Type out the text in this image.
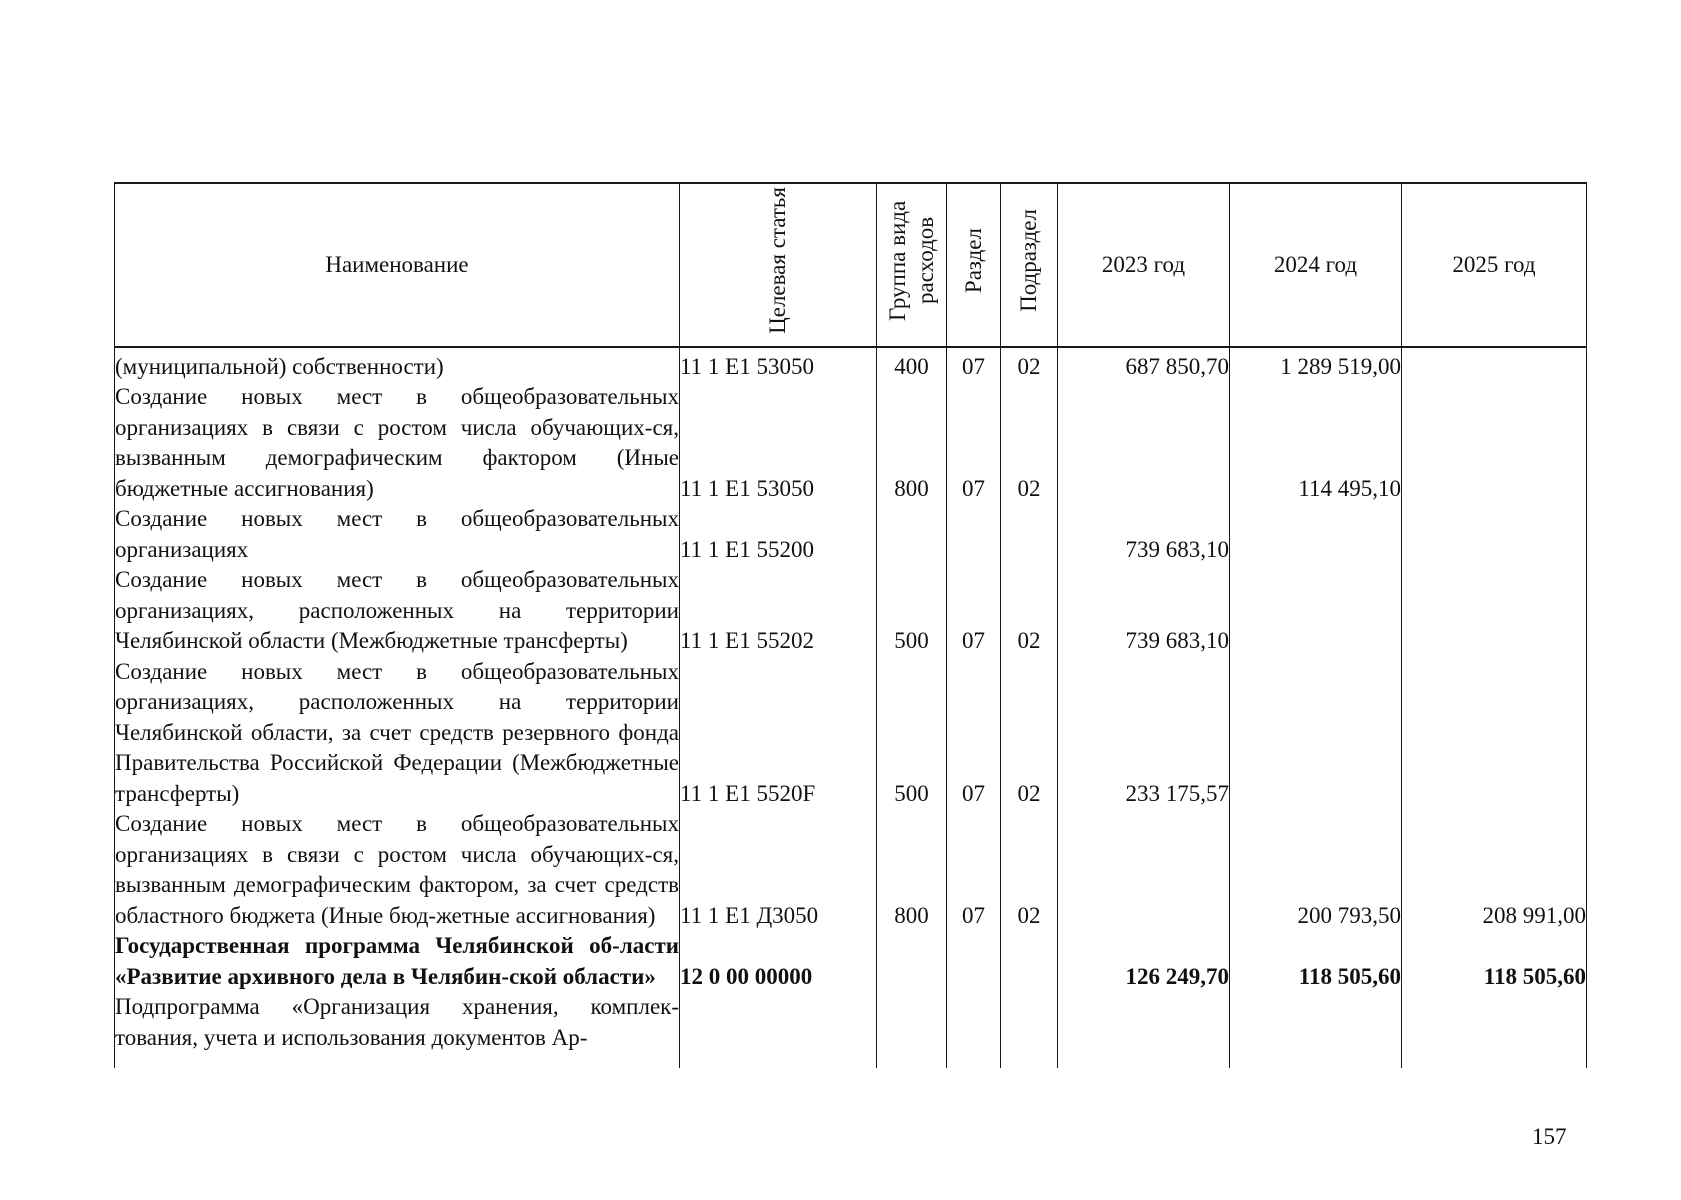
Наименование	Целевая статья	Группа вида расходов	Раздел	Подраздел	2023 год	2024 год	2025 год
(муниципальной) собственности)	11 1 E1 53050	400	07	02	687 850,70	1 289 519,00	
Создание новых мест в общеобразовательных организациях в связи с ростом числа обучающих-ся, вызванным демографическим фактором (Иные бюджетные ассигнования)	11 1 E1 53050	800	07	02		114 495,10	
Создание новых мест в общеобразовательных организациях	11 1 E1 55200				739 683,10		
Создание новых мест в общеобразовательных организациях, расположенных на территории Челябинской области (Межбюджетные трансферты)	11 1 E1 55202	500	07	02	739 683,10		
Создание новых мест в общеобразовательных организациях, расположенных на территории Челябинской области, за счет средств резервного фонда Правительства Российской Федерации (Межбюджетные трансферты)	11 1 E1 5520F	500	07	02	233 175,57		
Создание новых мест в общеобразовательных организациях в связи с ростом числа обучающих-ся, вызванным демографическим фактором, за счет средств областного бюджета (Иные бюд-жетные ассигнования)	11 1 E1 Д3050	800	07	02		200 793,50	208 991,00
Государственная программа Челябинской об-ласти «Развитие архивного дела в Челябин-ской области»	12 0 00 00000				126 249,70	118 505,60	118 505,60
Подпрограмма «Организация хранения, комплек-тования, учета и использования документов Ар-							
157
